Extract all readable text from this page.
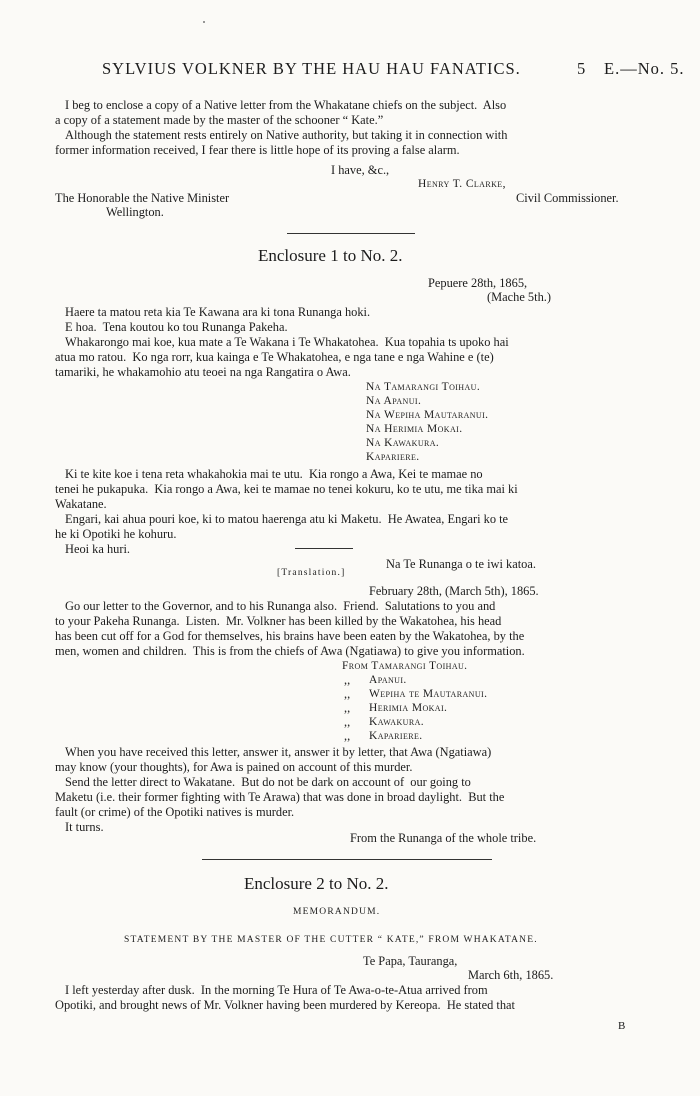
SYLVIUS VOLKNER BY THE HAU HAU FANATICS.	5 E.—No. 5.
I beg to enclose a copy of a Native letter from the Whakatane chiefs on the subject.  Also
a copy of a statement made by the master of the schooner “ Kate.”
Although the statement rests entirely on Native authority, but taking it in connection with
former information received, I fear there is little hope of its proving a false alarm.
I have, &c.,
Henry T. Clarke,
The Honorable the Native Minister	Civil Commissioner.
Wellington.
Enclosure 1 to No. 2.
Pepuere 28th, 1865,
(Mache 5th.)
Haere ta matou reta kia Te Kawana ara ki tona Runanga hoki.
E hoa.  Tena koutou ko tou Runanga Pakeha.
Whakarongo mai koe, kua mate a Te Wakana i Te Whakatohea.  Kua topahia ts upoko hai
atua mo ratou.  Ko nga rorr, kua kainga e Te Whakatohea, e nga tane e nga Wahine e (te)
tamariki, he whakamohio atu teoei na nga Rangatira o Awa.
Na Tamarangi Toihau.
Na Apanui.
Na Wepiha Mautaranui.
Na Herimia Mokai.
Na Kawakura.
Kapariere.
Ki te kite koe i tena reta whakahokia mai te utu.  Kia rongo a Awa, Kei te mamae no
tenei he pukapuka.  Kia rongo a Awa, kei te mamae no tenei kokuru, ko te utu, me tika mai ki
Wakatane.
Engari, kai ahua pouri koe, ki to matou haerenga atu ki Maketu.  He Awatea, Engari ko te
he ki Opotiki he kohuru.
Heoi ka huri.
Na Te Runanga o te iwi katoa.
[Translation.]
February 28th, (March 5th), 1865.
Go our letter to the Governor, and to his Runanga also.  Friend.  Salutations to you and
to your Pakeha Runanga.  Listen.  Mr. Volkner has been killed by the Wakatohea, his head
has been cut off for a God for themselves, his brains have been eaten by the Wakatohea, by the
men, women and children.  This is from the chiefs of Awa (Ngatiawa) to give you information.
From Tamarangi Toihau.
,, Apanui.
,, Wepiha te Mautaranui.
,, Herimia Mokai.
,, Kawakura.
,, Kapariere.
When you have received this letter, answer it, answer it by letter, that Awa (Ngatiawa)
may know (your thoughts), for Awa is pained on account of this murder.
Send the letter direct to Wakatane.  But do not be dark on account of  our going to
Maketu (i.e. their former fighting with Te Arawa) that was done in broad daylight.  But the
fault (or crime) of the Opotiki natives is murder.
It turns.
From the Runanga of the whole tribe.
Enclosure 2 to No. 2.
MEMORANDUM.
STATEMENT BY THE MASTER OF THE CUTTER “ KATE,” FROM WHAKATANE.
Te Papa, Tauranga,
March 6th, 1865.
I left yesterday after dusk.  In the morning Te Hura of Te Awa-o-te-Atua arrived from
Opotiki, and brought news of Mr. Volkner having been murdered by Kereopa.  He stated that
B
